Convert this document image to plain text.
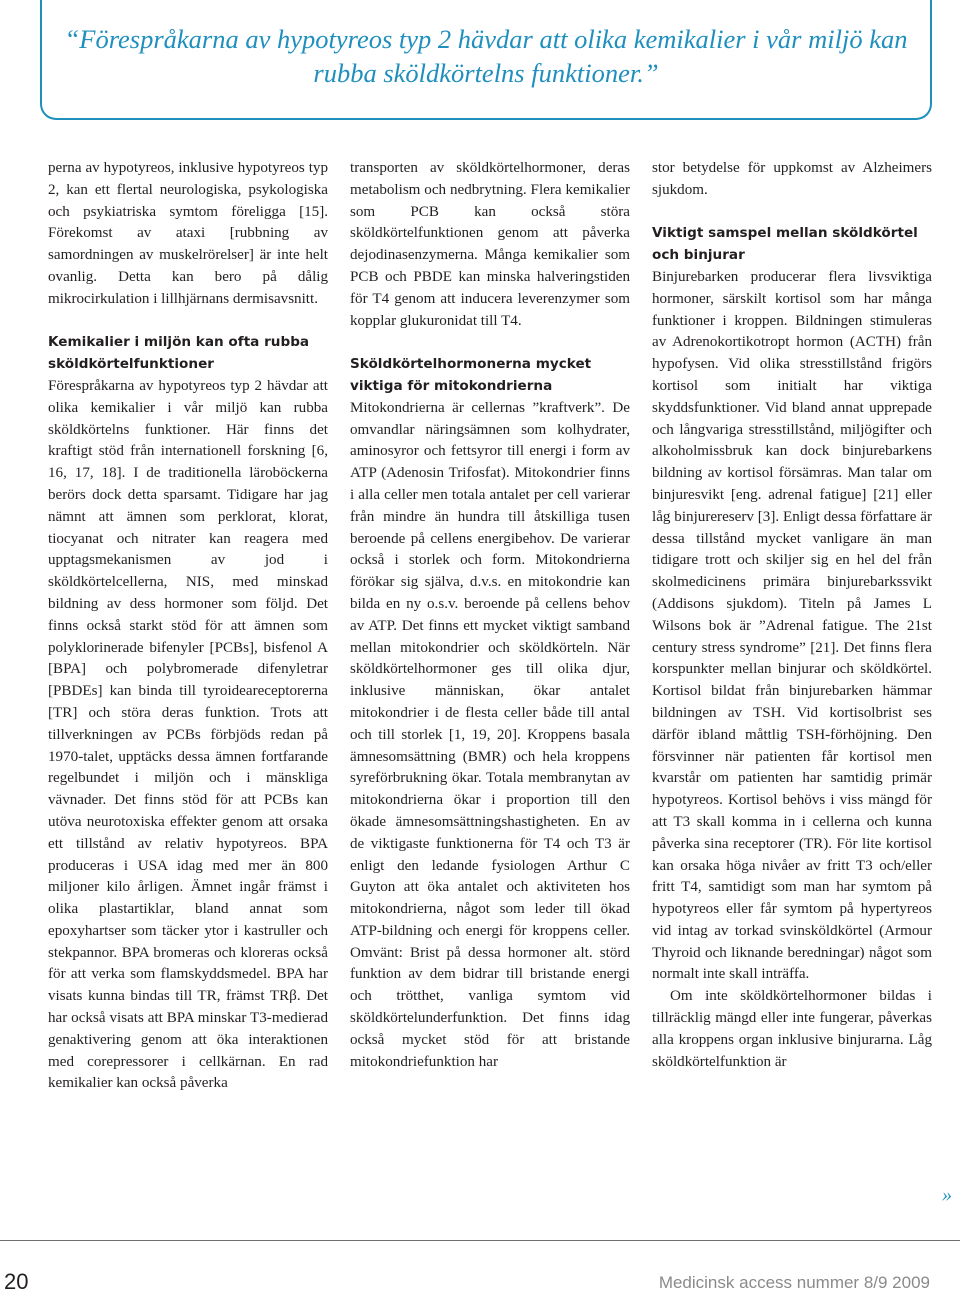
“Förespråkarna av hypotyreos typ 2 hävdar att olika kemikalier i vår miljö kan rubba sköldkörtelns funktioner.”

perna av hypotyreos, inklusive hypotyreos typ 2, kan ett flertal neurologiska, psykologiska och psykiatriska symtom föreligga [15]. Förekomst av ataxi [rubbning av samordningen av muskelrörelser] är inte helt ovanlig. Detta kan bero på dålig mikrocirkulation i lillhjärnans dermisavsnitt.

Kemikalier i miljön kan ofta rubba sköldkörtelfunktioner

Förespråkarna av hypotyreos typ 2 hävdar att olika kemikalier i vår miljö kan rubba sköldkörtelns funktioner. Här finns det kraftigt stöd från internationell forskning [6, 16, 17, 18]. I de traditionella läroböckerna berörs dock detta sparsamt. Tidigare har jag nämnt att ämnen som perklorat, klorat, tiocyanat och nitrater kan reagera med upptagsmekanismen av jod i sköldkörtelcellerna, NIS, med minskad bildning av dess hormoner som följd. Det finns också starkt stöd för att ämnen som polyklorinerade bifenyler [PCBs], bisfenol A [BPA] och polybromerade difenyletrar [PBDEs] kan binda till tyroideareceptorerna [TR] och störa deras funktion. Trots att tillverkningen av PCBs förbjöds redan på 1970-talet, upptäcks dessa ämnen fortfarande regelbundet i miljön och i mänskliga vävnader. Det finns stöd för att PCBs kan utöva neurotoxiska effekter genom att orsaka ett tillstånd av relativ hypotyreos. BPA produceras i USA idag med mer än 800 miljoner kilo årligen. Ämnet ingår främst i olika plastartiklar, bland annat som epoxyhartser som täcker ytor i kastruller och stekpannor. BPA bromeras och kloreras också för att verka som flamskyddsmedel. BPA har visats kunna bindas till TR, främst TRβ. Det har också visats att BPA minskar T3-medierad genaktivering genom att öka interaktionen med corepressorer i cellkärnan. En rad kemikalier kan också påverka

transporten av sköldkörtelhormoner, deras metabolism och nedbrytning. Flera kemikalier som PCB kan också störa sköldkörtelfunktionen genom att påverka dejodinasenzymerna. Många kemikalier som PCB och PBDE kan minska halveringstiden för T4 genom att inducera leverenzymer som kopplar glukuronidat till T4.

Sköldkörtelhormonerna mycket viktiga för mitokondrierna

Mitokondrierna är cellernas ”kraftverk”. De omvandlar näringsämnen som kolhydrater, aminosyror och fettsyror till energi i form av ATP (Adenosin Trifosfat). Mitokondrier finns i alla celler men totala antalet per cell varierar från mindre än hundra till åtskilliga tusen beroende på cellens energibehov. De varierar också i storlek och form. Mitokondrierna förökar sig själva, d.v.s. en mitokondrie kan bilda en ny o.s.v. beroende på cellens behov av ATP. Det finns ett mycket viktigt samband mellan mitokondrier och sköldkörteln. När sköldkörtelhormoner ges till olika djur, inklusive människan, ökar antalet mitokondrier i de flesta celler både till antal och till storlek [1, 19, 20]. Kroppens basala ämnesomsättning (BMR) och hela kroppens syreförbrukning ökar. Totala membranytan av mitokondrierna ökar i proportion till den ökade ämnesomsättningshastigheten. En av de viktigaste funktionerna för T4 och T3 är enligt den ledande fysiologen Arthur C Guyton att öka antalet och aktiviteten hos mitokondrierna, något som leder till ökad ATP-bildning och energi för kroppens celler. Omvänt: Brist på dessa hormoner alt. störd funktion av dem bidrar till bristande energi och trötthet, vanliga symtom vid sköldkörtelunderfunktion. Det finns idag också mycket stöd för att bristande mitokondriefunktion har

stor betydelse för uppkomst av Alzheimers sjukdom.

Viktigt samspel mellan sköldkörtel och binjurar

Binjurebarken producerar flera livsviktiga hormoner, särskilt kortisol som har många funktioner i kroppen. Bildningen stimuleras av Adrenokortikotropt hormon (ACTH) från hypofysen. Vid olika stresstillstånd frigörs kortisol som initialt har viktiga skyddsfunktioner. Vid bland annat upprepade och långvariga stresstillstånd, miljögifter och alkoholmissbruk kan dock binjurebarkens bildning av kortisol försämras. Man talar om binjuresvikt [eng. adrenal fatigue] [21] eller låg binjurereserv [3]. Enligt dessa författare är dessa tillstånd mycket vanligare än man tidigare trott och skiljer sig en hel del från skolmedicinens primära binjurebarkssvikt (Addisons sjukdom). Titeln på James L Wilsons bok är ”Adrenal fatigue. The 21st century stress syndrome” [21]. Det finns flera korspunkter mellan binjurar och sköldkörtel. Kortisol bildat från binjurebarken hämmar bildningen av TSH. Vid kortisolbrist ses därför ibland måttlig TSH-förhöjning. Den försvinner när patienten får kortisol men kvarstår om patienten har samtidig primär hypotyreos. Kortisol behövs i viss mängd för att T3 skall komma in i cellerna och kunna påverka sina receptorer (TR). För lite kortisol kan orsaka höga nivåer av fritt T3 och/eller fritt T4, samtidigt som man har symtom på hypotyreos eller får symtom på hypertyreos vid intag av torkad svinsköldkörtel (Armour Thyroid och liknande beredningar) något som normalt inte skall inträffa.

Om inte sköldkörtelhormoner bildas i tillräcklig mängd eller inte fungerar, påverkas alla kroppens organ inklusive binjurarna. Låg sköldkörtelfunktion är

»
20	Medicinsk access nummer 8/9 2009
